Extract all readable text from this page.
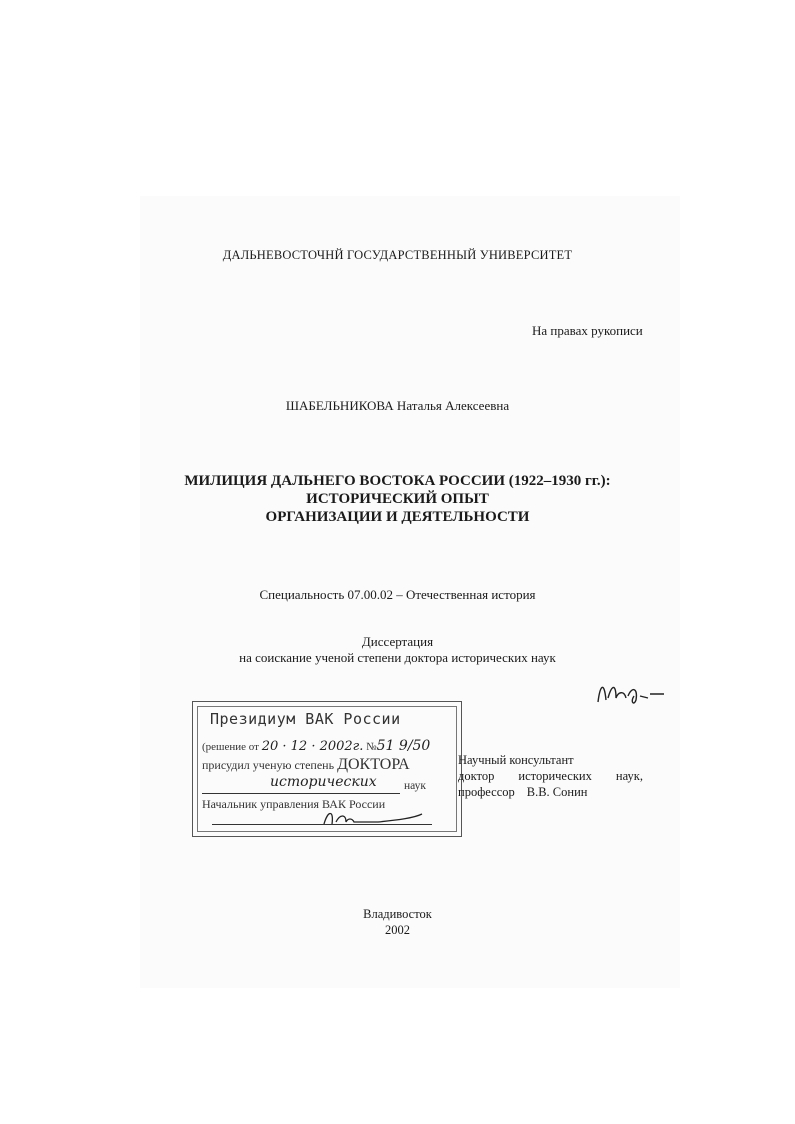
ДАЛЬНЕВОСТОЧНЙ ГОСУДАРСТВЕННЫЙ УНИВЕРСИТЕТ
На правах рукописи
ШАБЕЛЬНИКОВА Наталья Алексеевна
МИЛИЦИЯ ДАЛЬНЕГО ВОСТОКА РОССИИ (1922–1930 гг.):
ИСТОРИЧЕСКИЙ ОПЫТ
ОРГАНИЗАЦИИ И ДЕЯТЕЛЬНОСТИ
Специальность 07.00.02 – Отечественная история
Диссертация
на соискание ученой степени доктора исторических наук
Президиум ВАК России
(решение от 20 · 12 · 2002г. №51 9/50
присудил ученую степень ДОКТОРА
исторических наук
Начальник управления ВАК России
Научный консультант
доктор исторических наук,
профессор В.В. Сонин
Владивосток
2002
